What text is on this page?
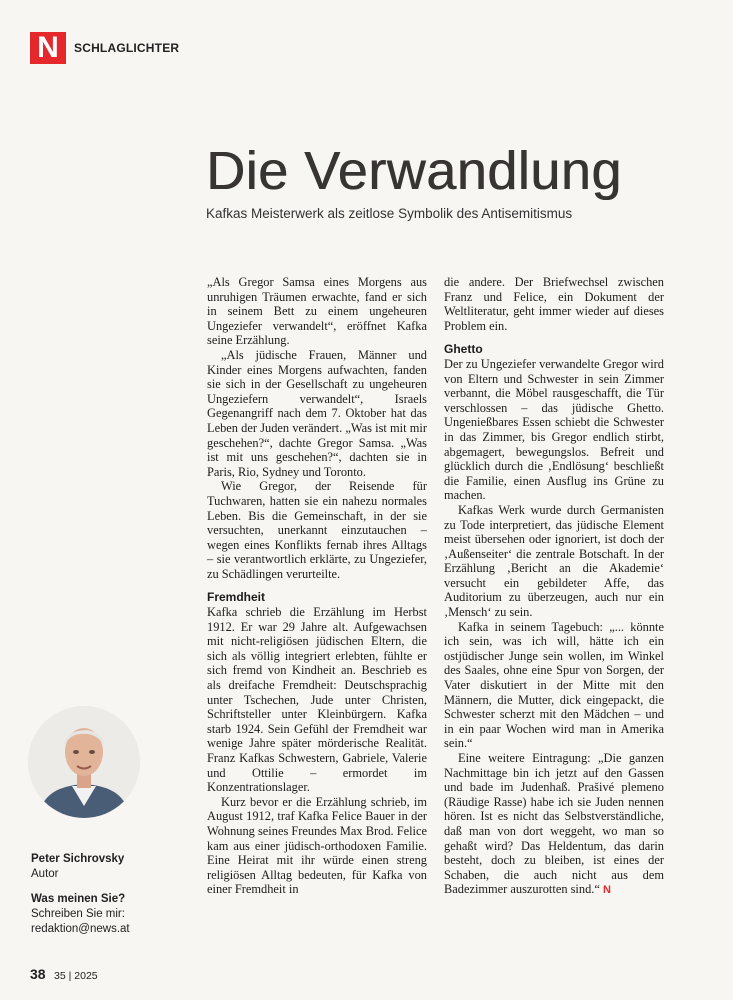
N	SCHLAGLICHTER
Die Verwandlung
Kafkas Meisterwerk als zeitlose Symbolik des Antisemitismus

„Als Gregor Samsa eines Morgens aus unruhigen Träumen erwachte, fand er sich in seinem Bett zu einem ungeheuren Ungeziefer verwandelt“, eröffnet Kafka seine Erzählung.

„Als jüdische Frauen, Männer und Kinder eines Morgens aufwachten, fanden sie sich in der Gesellschaft zu ungeheuren Ungeziefern verwandelt“, Israels Gegenangriff nach dem 7. Oktober hat das Leben der Juden verändert. „Was ist mit mir geschehen?“, dachte Gregor Samsa. „Was ist mit uns geschehen?“, dachten sie in Paris, Rio, Sydney und Toronto.

Wie Gregor, der Reisende für Tuchwaren, hatten sie ein nahezu normales Leben. Bis die Gemeinschaft, in der sie versuchten, unerkannt einzutauchen – wegen eines Konflikts fernab ihres Alltags – sie verantwortlich erklärte, zu Ungeziefer, zu Schädlingen verurteilte.

Fremdheit

Kafka schrieb die Erzählung im Herbst 1912. Er war 29 Jahre alt. Aufgewachsen mit nicht-religiösen jüdischen Eltern, die sich als völlig integriert erlebten, fühlte er sich fremd von Kindheit an. Beschrieb es als dreifache Fremdheit: Deutschsprachig unter Tschechen, Jude unter Christen, Schriftsteller unter Kleinbürgern. Kafka starb 1924. Sein Gefühl der Fremdheit war wenige Jahre später mörderische Realität. Franz Kafkas Schwestern, Gabriele, Valerie und Ottilie – ermordet im Konzentrationslager.

Kurz bevor er die Erzählung schrieb, im August 1912, traf Kafka Felice Bauer in der Wohnung seines Freundes Max Brod. Felice kam aus einer jüdisch-orthodoxen Familie. Eine Heirat mit ihr würde einen streng religiösen Alltag bedeuten, für Kafka von einer Fremdheit in

die andere. Der Briefwechsel zwischen Franz und Felice, ein Dokument der Weltliteratur, geht immer wieder auf dieses Problem ein.

Ghetto

Der zu Ungeziefer verwandelte Gregor wird von Eltern und Schwester in sein Zimmer verbannt, die Möbel rausgeschafft, die Tür verschlossen – das jüdische Ghetto. Ungenießbares Essen schiebt die Schwester in das Zimmer, bis Gregor endlich stirbt, abgemagert, bewegungslos. Befreit und glücklich durch die ‚Endlösung‘ beschließt die Familie, einen Ausflug ins Grüne zu machen.

Kafkas Werk wurde durch Germanisten zu Tode interpretiert, das jüdische Element meist übersehen oder ignoriert, ist doch der ‚Außenseiter‘ die zentrale Botschaft. In der Erzählung ‚Bericht an die Akademie‘ versucht ein gebildeter Affe, das Auditorium zu überzeugen, auch nur ein ‚Mensch‘ zu sein.

Kafka in seinem Tagebuch: „... könnte ich sein, was ich will, hätte ich ein ostjüdischer Junge sein wollen, im Winkel des Saales, ohne eine Spur von Sorgen, der Vater diskutiert in der Mitte mit den Männern, die Mutter, dick eingepackt, die Schwester scherzt mit den Mädchen – und in ein paar Wochen wird man in Amerika sein.“

Eine weitere Eintragung: „Die ganzen Nachmittage bin ich jetzt auf den Gassen und bade im Judenhaß. Prašivé plemeno (Räudige Rasse) habe ich sie Juden nennen hören. Ist es nicht das Selbstverständliche, daß man von dort weggeht, wo man so gehaßt wird? Das Heldentum, das darin besteht, doch zu bleiben, ist eines der Schaben, die auch nicht aus dem Badezimmer auszurotten sind.“ N

Peter Sichrovsky
Autor
Was meinen Sie?
Schreiben Sie mir:
redaktion@news.at
38 35 | 2025
